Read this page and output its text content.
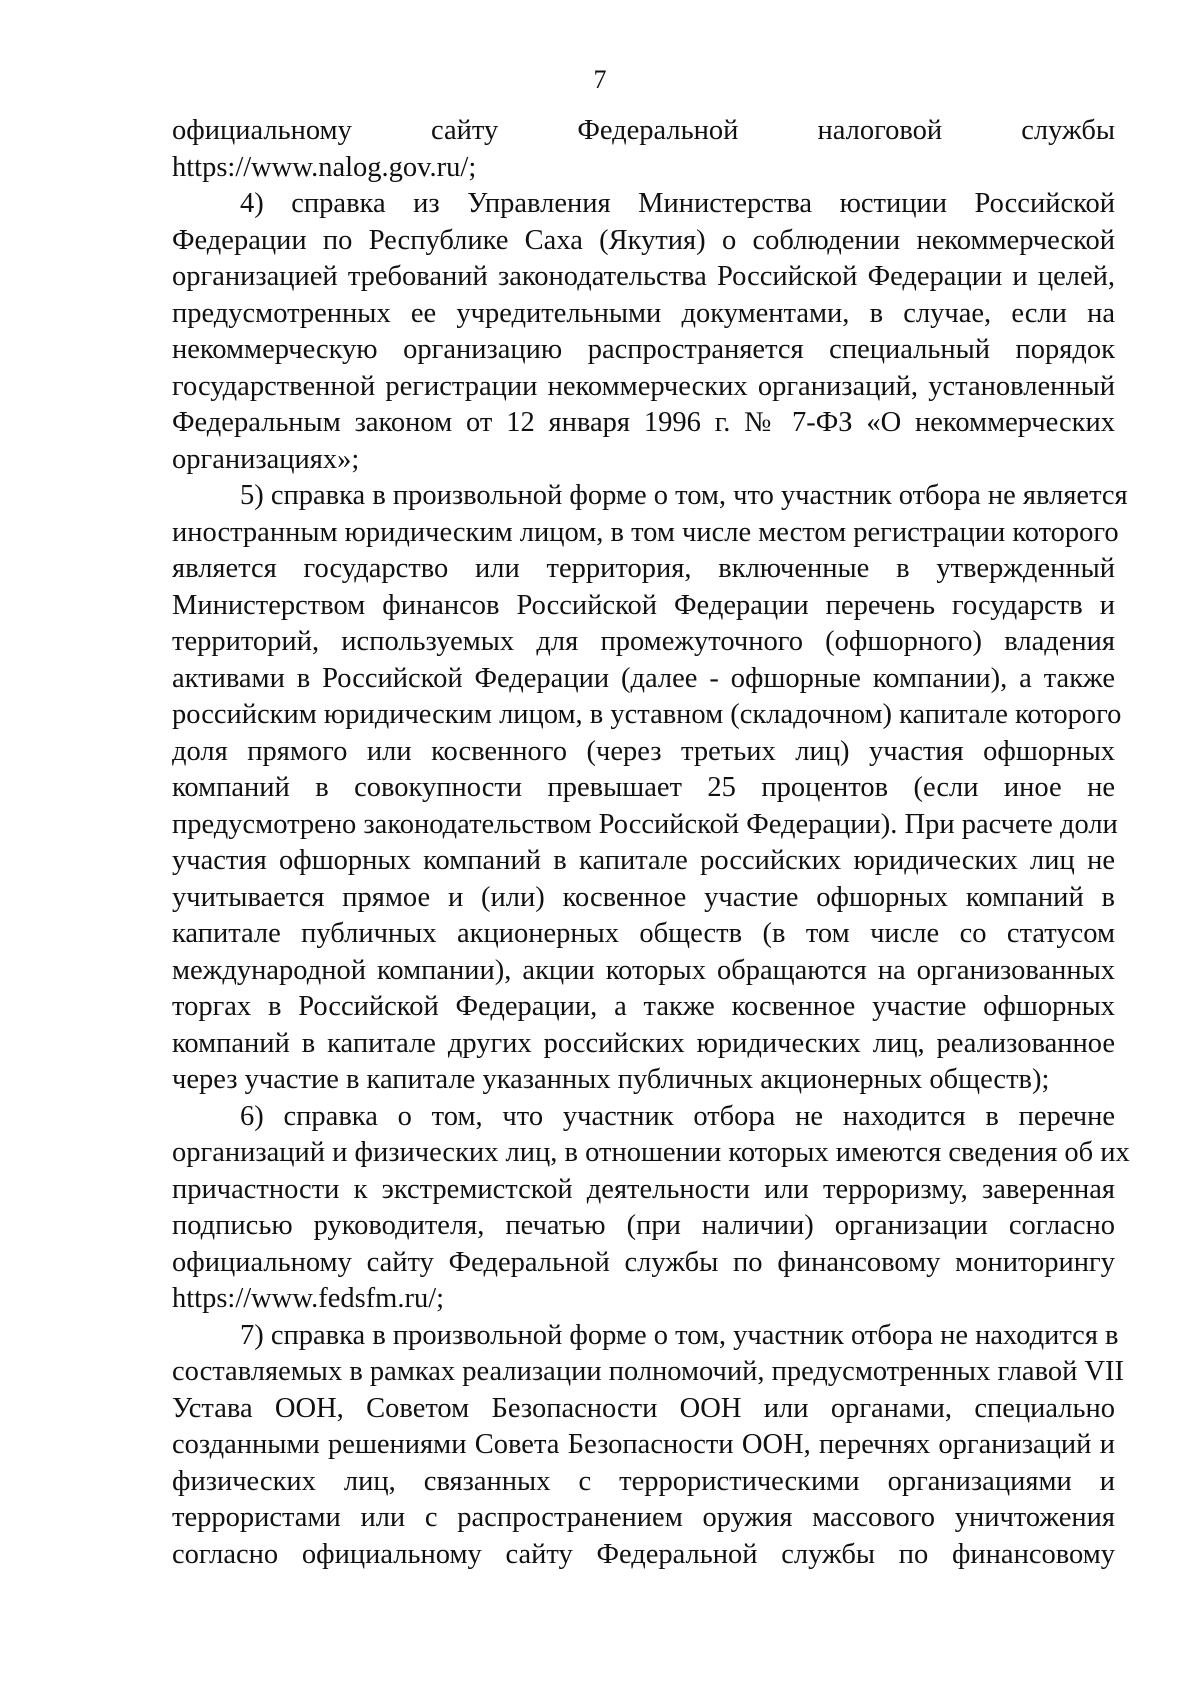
7

официальному сайту Федеральной налоговой службы
https://www.nalog.gov.ru/;

4) справка из Управления Министерства юстиции Российской
Федерации по Республике Саха (Якутия) о соблюдении некоммерческой
организацией требований законодательства Российской Федерации и целей,
предусмотренных ее учредительными документами, в случае, если на
некоммерческую организацию распространяется специальный порядок
государственной регистрации некоммерческих организаций, установленный
Федеральным законом от 12 января 1996 г. № 7-ФЗ «О некоммерческих
организациях»;

5) справка в произвольной форме о том, что участник отбора не является
иностранным юридическим лицом, в том числе местом регистрации которого
является государство или территория, включенные в утвержденный
Министерством финансов Российской Федерации перечень государств и
территорий, используемых для промежуточного (офшорного) владения
активами в Российской Федерации (далее - офшорные компании), а также
российским юридическим лицом, в уставном (складочном) капитале которого
доля прямого или косвенного (через третьих лиц) участия офшорных
компаний в совокупности превышает 25 процентов (если иное не
предусмотрено законодательством Российской Федерации). При расчете доли
участия офшорных компаний в капитале российских юридических лиц не
учитывается прямое и (или) косвенное участие офшорных компаний в
капитале публичных акционерных обществ (в том числе со статусом
международной компании), акции которых обращаются на организованных
торгах в Российской Федерации, а также косвенное участие офшорных
компаний в капитале других российских юридических лиц, реализованное
через участие в капитале указанных публичных акционерных обществ);

6) справка о том, что участник отбора не находится в перечне
организаций и физических лиц, в отношении которых имеются сведения об их
причастности к экстремистской деятельности или терроризму, заверенная
подписью руководителя, печатью (при наличии) организации согласно
официальному сайту Федеральной службы по финансовому мониторингу
https://www.fedsfm.ru/;

7) справка в произвольной форме о том, участник отбора не находится в
составляемых в рамках реализации полномочий, предусмотренных главой VII
Устава ООН, Советом Безопасности ООН или органами, специально
созданными решениями Совета Безопасности ООН, перечнях организаций и
физических лиц, связанных с террористическими организациями и
террористами или с распространением оружия массового уничтожения
согласно официальному сайту Федеральной службы по финансовому
